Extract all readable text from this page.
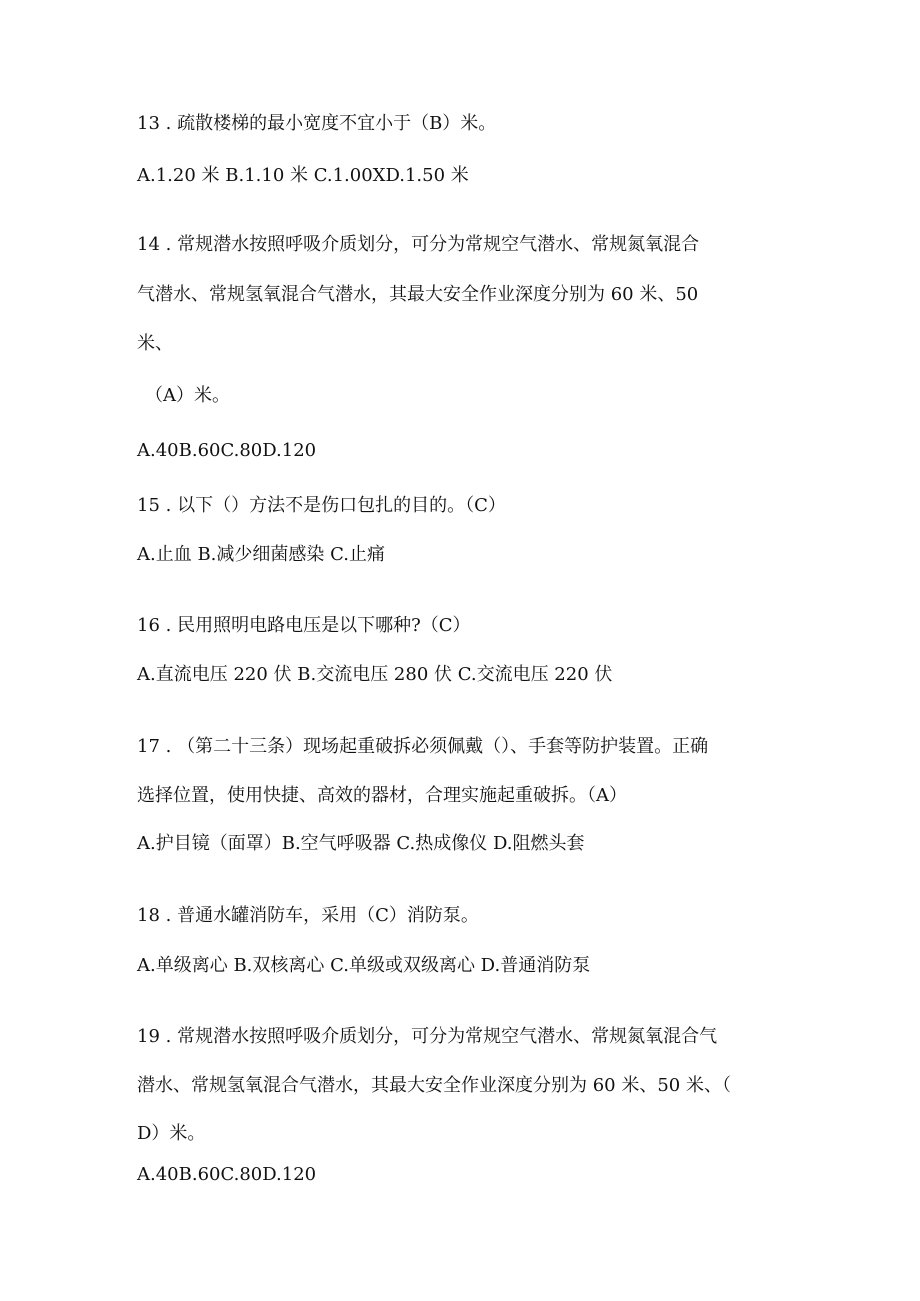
13 . 疏散楼梯的最小宽度不宜小于（B）米。
A.1.20 米 B.1.10 米 C.1.00XD.1.50 米
14 . 常规潜水按照呼吸介质划分，可分为常规空气潜水、常规氮氧混合
气潜水、常规氢氧混合气潜水，其最大安全作业深度分别为 60 米、50
米、
（A）米。
A.40B.60C.80D.120
15 . 以下（）方法不是伤口包扎的目的。（C）
A.止血 B.减少细菌感染 C.止痛
16 . 民用照明电路电压是以下哪种?（C）
A.直流电压 220 伏 B.交流电压 280 伏 C.交流电压 220 伏
17 . （第二十三条）现场起重破拆必须佩戴（）、手套等防护装置。正确
选择位置，使用快捷、高效的器材，合理实施起重破拆。（A）
A.护目镜（面罩）B.空气呼吸器 C.热成像仪 D.阻燃头套
18 . 普通水罐消防车，采用（C）消防泵。
A.单级离心 B.双核离心 C.单级或双级离心 D.普通消防泵
19 . 常规潜水按照呼吸介质划分，可分为常规空气潜水、常规氮氧混合气
潜水、常规氢氧混合气潜水，其最大安全作业深度分别为 60 米、50 米、（
D）米。
A.40B.60C.80D.120
